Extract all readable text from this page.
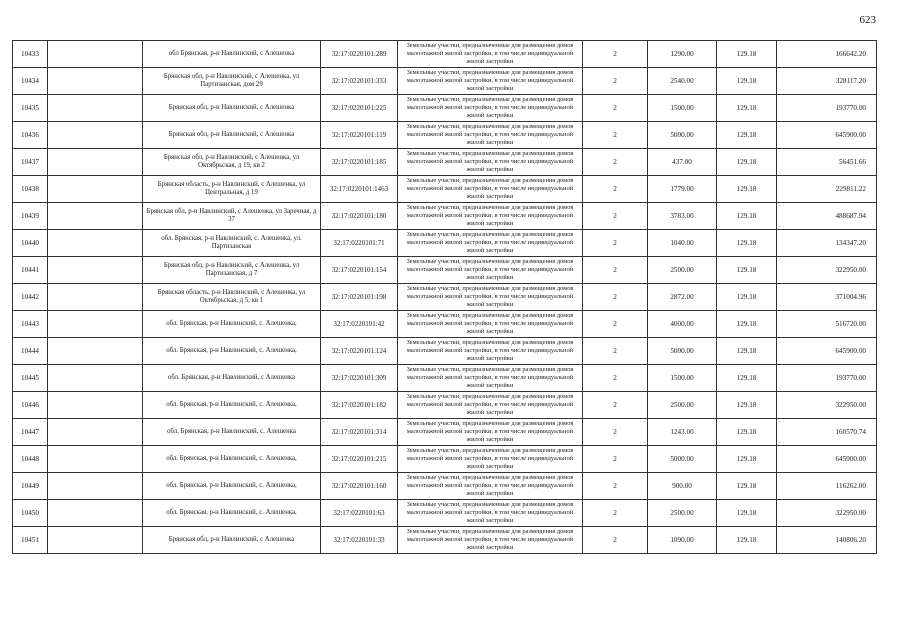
623
10433		обл Брянская, р-н Навлинский, с Алешенка	32:17:0220101:289	Земельные участки, предназначенные для размещения домов малоэтажной жилой застройки, в том числе индивидуальной жилой застройки	2	1290.00	129.18	166642.20
10434		Брянская обл, р-н Навлинский, с Алешенка, ул Партизанская, дом 29	32:17:0220101:333	Земельные участки, предназначенные для размещения домов малоэтажной жилой застройки, в том числе индивидуальной жилой застройки	2	2540.00	129.18	328117.20
10435		Брянская обл, р-н Навлинский, с Алешенка	32:17:0220101:225	Земельные участки, предназначенные для размещения домов малоэтажной жилой застройки, в том числе индивидуальной жилой застройки	2	1500.00	129.18	193770.00
10436		Брянская обл, р-н Навлинский, с Алешенка	32:17:0220101:119	Земельные участки, предназначенные для размещения домов малоэтажной жилой застройки, в том числе индивидуальной жилой застройки	2	5000.00	129.18	645900.00
10437		Брянская обл, р-н Навлинский, с Алешенка, ул Октябрьская, д 19, кв 2	32:17:0220101:185	Земельные участки, предназначенные для размещения домов малоэтажной жилой застройки, в том числе индивидуальной жилой застройки	2	437.00	129.18	56451.66
10438		Брянская область, р-н Навлинский, с Алешенка, ул Центральная, д 19	32:17:0220101:1463	Земельные участки, предназначенные для размещения домов малоэтажной жилой застройки, в том числе индивидуальной жилой застройки	2	1779.00	129.18	229811.22
10439		Брянская обл, р-н Навлинский, с Алешенка, ул Заречная, д 37	32:17:0220101:180	Земельные участки, предназначенные для размещения домов малоэтажной жилой застройки, в том числе индивидуальной жилой застройки	2	3783.00	129.18	488687.94
10440		обл. Брянская, р-н Навлинский, с. Алешенка, ул. Партизанская	32:17:0220101:71	Земельные участки, предназначенные для размещения домов малоэтажной жилой застройки, в том числе индивидуальной жилой застройки	2	1040.00	129.18	134347.20
10441		Брянская обл, р-н Навлинский, с Алешенка, ул Партизанская, д 7	32:17:0220101:154	Земельные участки, предназначенные для размещения домов малоэтажной жилой застройки, в том числе индивидуальной жилой застройки	2	2500.00	129.18	322950.00
10442		Брянская область, р-н Навлинский, с Алешенка, ул Октябрьская, д 5, кв 1	32:17:0220101:198	Земельные участки, предназначенные для размещения домов малоэтажной жилой застройки, в том числе индивидуальной жилой застройки	2	2872.00	129.18	371004.96
10443		обл. Брянская, р-н Навлинский, с. Алешенка,	32:17:0220101:42	Земельные участки, предназначенные для размещения домов малоэтажной жилой застройки, в том числе индивидуальной жилой застройки	2	4000.00	129.18	516720.00
10444		обл. Брянская, р-н Навлинский, с. Алешенка,	32:17:0220101:124	Земельные участки, предназначенные для размещения домов малоэтажной жилой застройки, в том числе индивидуальной жилой застройки	2	5000.00	129.18	645900.00
10445		обл. Брянская, р-н Навлинский, с Алешенка	32:17:0220101:309	Земельные участки, предназначенные для размещения домов малоэтажной жилой застройки, в том числе индивидуальной жилой застройки	2	1500.00	129.18	193770.00
10446		обл. Брянская, р-н Навлинский, с. Алешенка,	32:17:0220101:182	Земельные участки, предназначенные для размещения домов малоэтажной жилой застройки, в том числе индивидуальной жилой застройки	2	2500.00	129.18	322950.00
10447		обл. Брянская, р-н Навлинский, с. Алешенка	32:17:0220101:314	Земельные участки, предназначенные для размещения домов малоэтажной жилой застройки, в том числе индивидуальной жилой застройки	2	1243.00	129.18	160570.74
10448		обл. Брянская, р-н Навлинский, с. Алешенка,	32:17:0220101:215	Земельные участки, предназначенные для размещения домов малоэтажной жилой застройки, в том числе индивидуальной жилой застройки	2	5000.00	129.18	645900.00
10449		обл. Брянская, р-н Навлинский, с. Алешенка,	32:17:0220101:160	Земельные участки, предназначенные для размещения домов малоэтажной жилой застройки, в том числе индивидуальной жилой застройки	2	900.00	129.18	116262.00
10450		обл. Брянская, р-н Навлинский, с. Алешенка,	32:17:0220101:63	Земельные участки, предназначенные для размещения домов малоэтажной жилой застройки, в том числе индивидуальной жилой застройки	2	2500.00	129.18	322950.00
10451		Брянская обл, р-н Навлинский, с Алешенка	32:17:0220101:33	Земельные участки, предназначенные для размещения домов малоэтажной жилой застройки, в том числе индивидуальной жилой застройки	2	1090.00	129.18	140806.20
